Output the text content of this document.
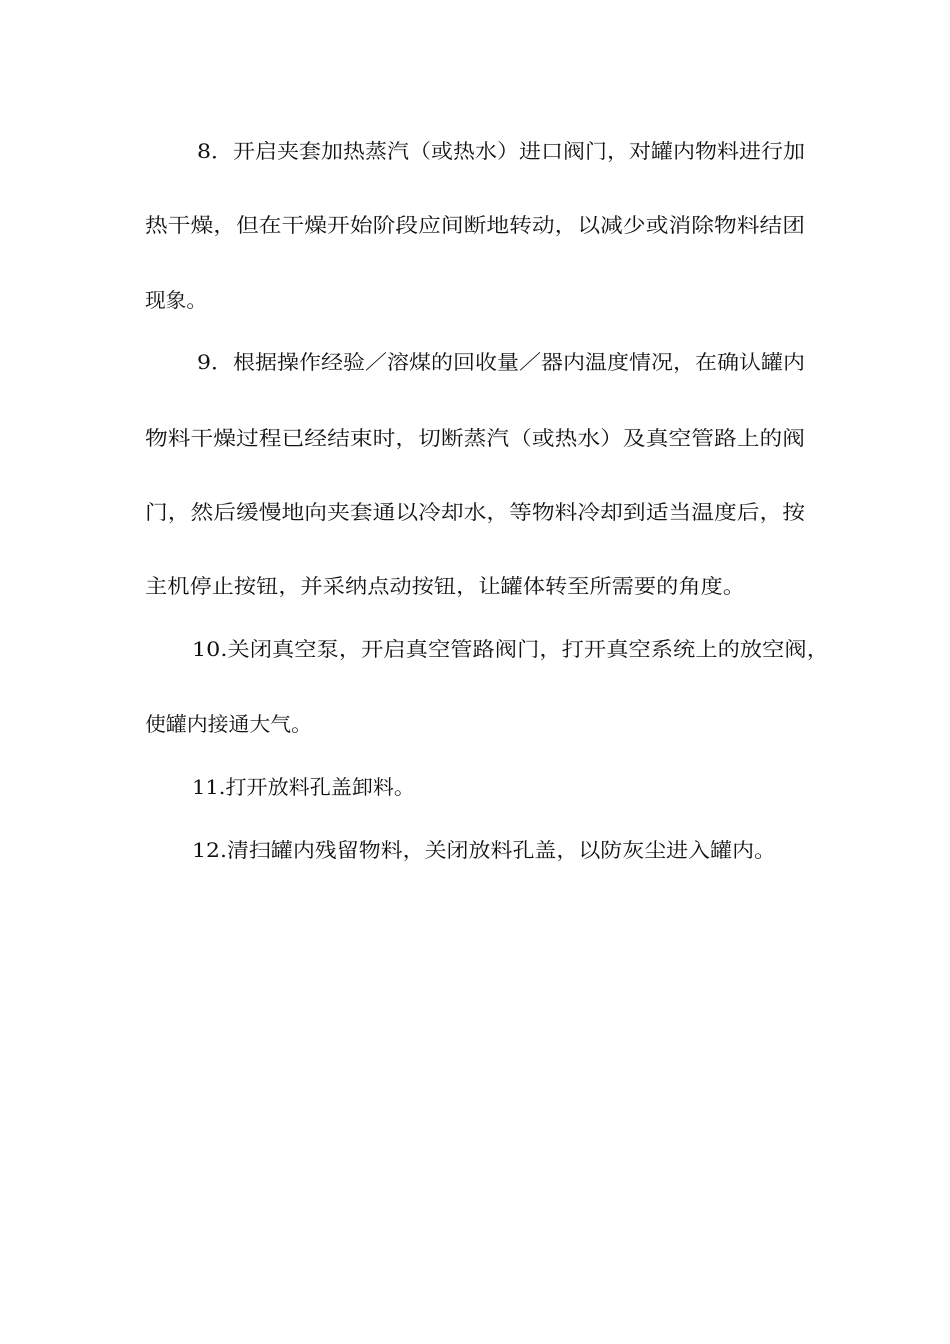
8．开启夹套加热蒸汽（或热水）进口阀门，对罐内物料进行加
热干燥，但在干燥开始阶段应间断地转动，以减少或消除物料结团
现象。
9．根据操作经验／溶煤的回收量／器内温度情况，在确认罐内
物料干燥过程已经结束时，切断蒸汽（或热水）及真空管路上的阀
门，然后缓慢地向夹套通以冷却水，等物料冷却到适当温度后，按
主机停止按钮，并采纳点动按钮，让罐体转至所需要的角度。
10.关闭真空泵，开启真空管路阀门，打开真空系统上的放空阀，
使罐内接通大气。
11.打开放料孔盖卸料。
12.清扫罐内残留物料，关闭放料孔盖，以防灰尘进入罐内。
